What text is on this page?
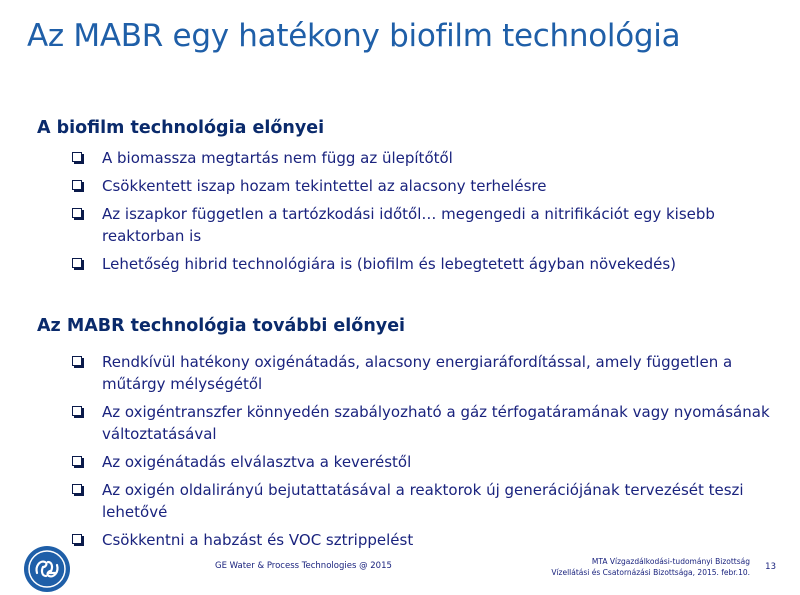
Az MABR egy hatékony biofilm technológia
A biofilm technológia előnyei
A biomassza megtartás nem függ az ülepítőtől
Csökkentett iszap hozam tekintettel az alacsony terhelésre
Az iszapkor független a tartózkodási időtől… megengedi a nitrifikációt egy kisebb reaktorban is
Lehetőség hibrid technológiára is (biofilm és lebegtetett ágyban növekedés)
Az MABR technológia további előnyei
Rendkívül hatékony oxigénátadás, alacsony energiaráfordítással, amely független a műtárgy mélységétől
Az oxigéntranszfer könnyedén szabályozható a gáz térfogatáramának vagy nyomásának változtatásával
Az oxigénátadás elválasztva a keveréstől
Az oxigén oldalirányú bejutattatásával a reaktorok új generációjának tervezését teszi lehetővé
Csökkentni a habzást és VOC sztrippelést
GE Water & Process Technologies @ 2015	MTA Vízgazdálkodási-tudományi Bizottság
Vízellátási és Csatornázási Bizottsága, 2015. febr.10.
13
